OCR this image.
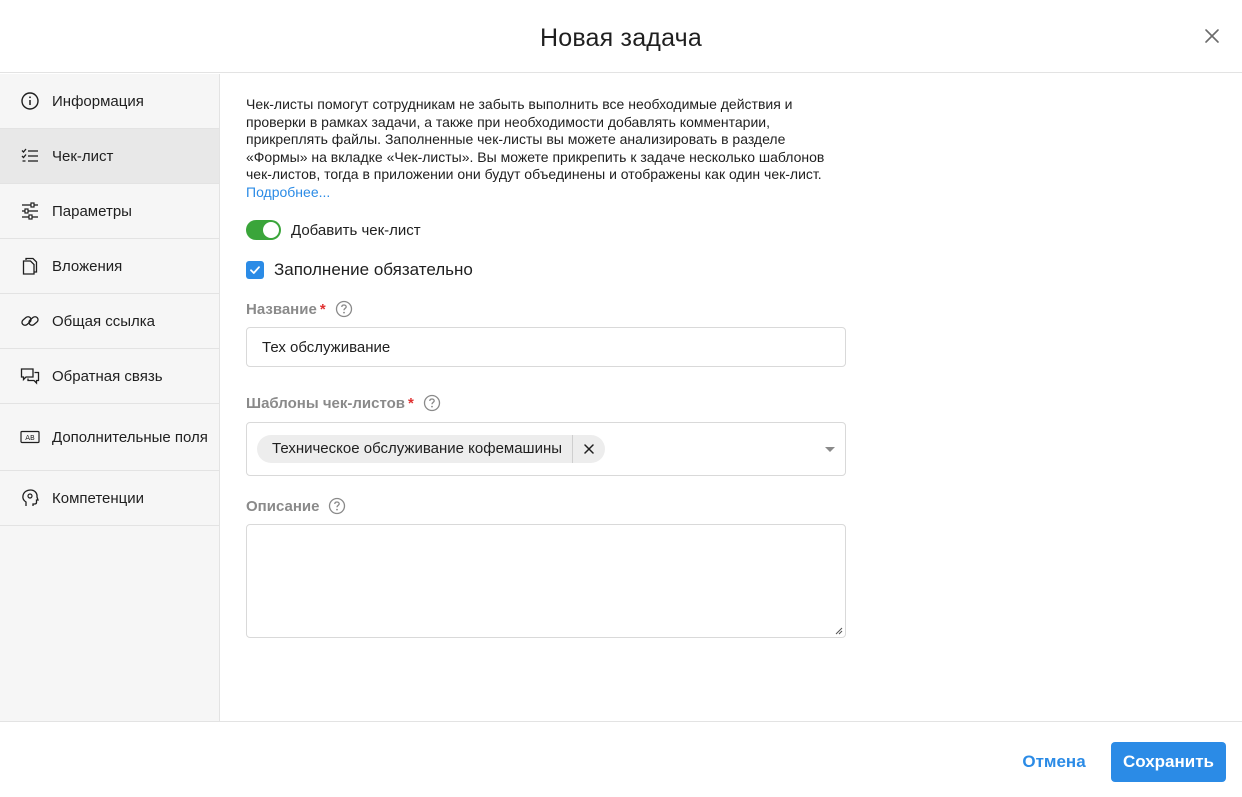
Новая задача
Информация
Чек-лист
Параметры
Вложения
Общая ссылка
Обратная связь
AB Дополнительные поля
Компетенции

Чек-листы помогут сотрудникам не забыть выполнить все необходимые действия и проверки в рамках задачи, а также при необходимости добавлять комментарии, прикреплять файлы. Заполненные чек-листы вы можете анализировать в разделе «Формы» на вкладке «Чек-листы». Вы можете прикрепить к задаче несколько шаблонов чек-листов, тогда в приложении они будут объединены и отображены как один чек-лист. Подробнее...

Добавить чек-лист
Заполнение обязательно
Название *
Тех обслуживание
Шаблоны чек-листов *
Техническое обслуживание кофемашины
Описание
Отмена	Сохранить
